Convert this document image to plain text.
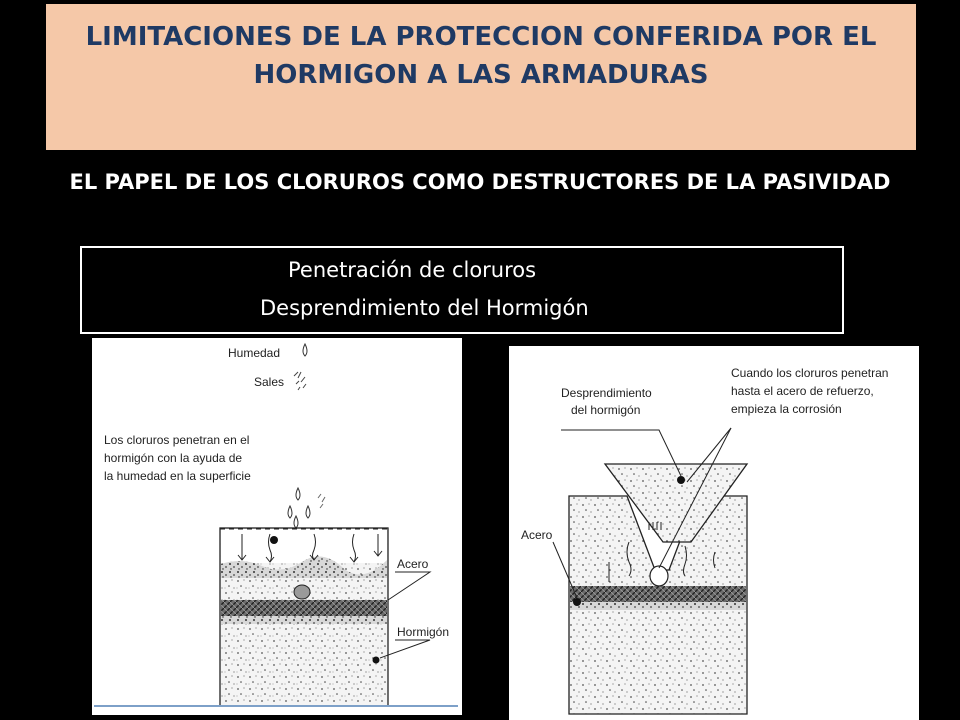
LIMITACIONES DE LA PROTECCION CONFERIDA POR EL HORMIGON A LAS ARMADURAS
EL PAPEL DE LOS CLORUROS COMO DESTRUCTORES DE LA PASIVIDAD
Penetración de cloruros
Desprendimiento del Hormigón
Humedad
Sales
Los cloruros penetran en el
hormigón con la ayuda de
la humedad en la superficie
Acero
Hormigón
Desprendimiento
del hormigón
Cuando los cloruros penetran
hasta el acero de refuerzo,
empieza la corrosión
Acero
